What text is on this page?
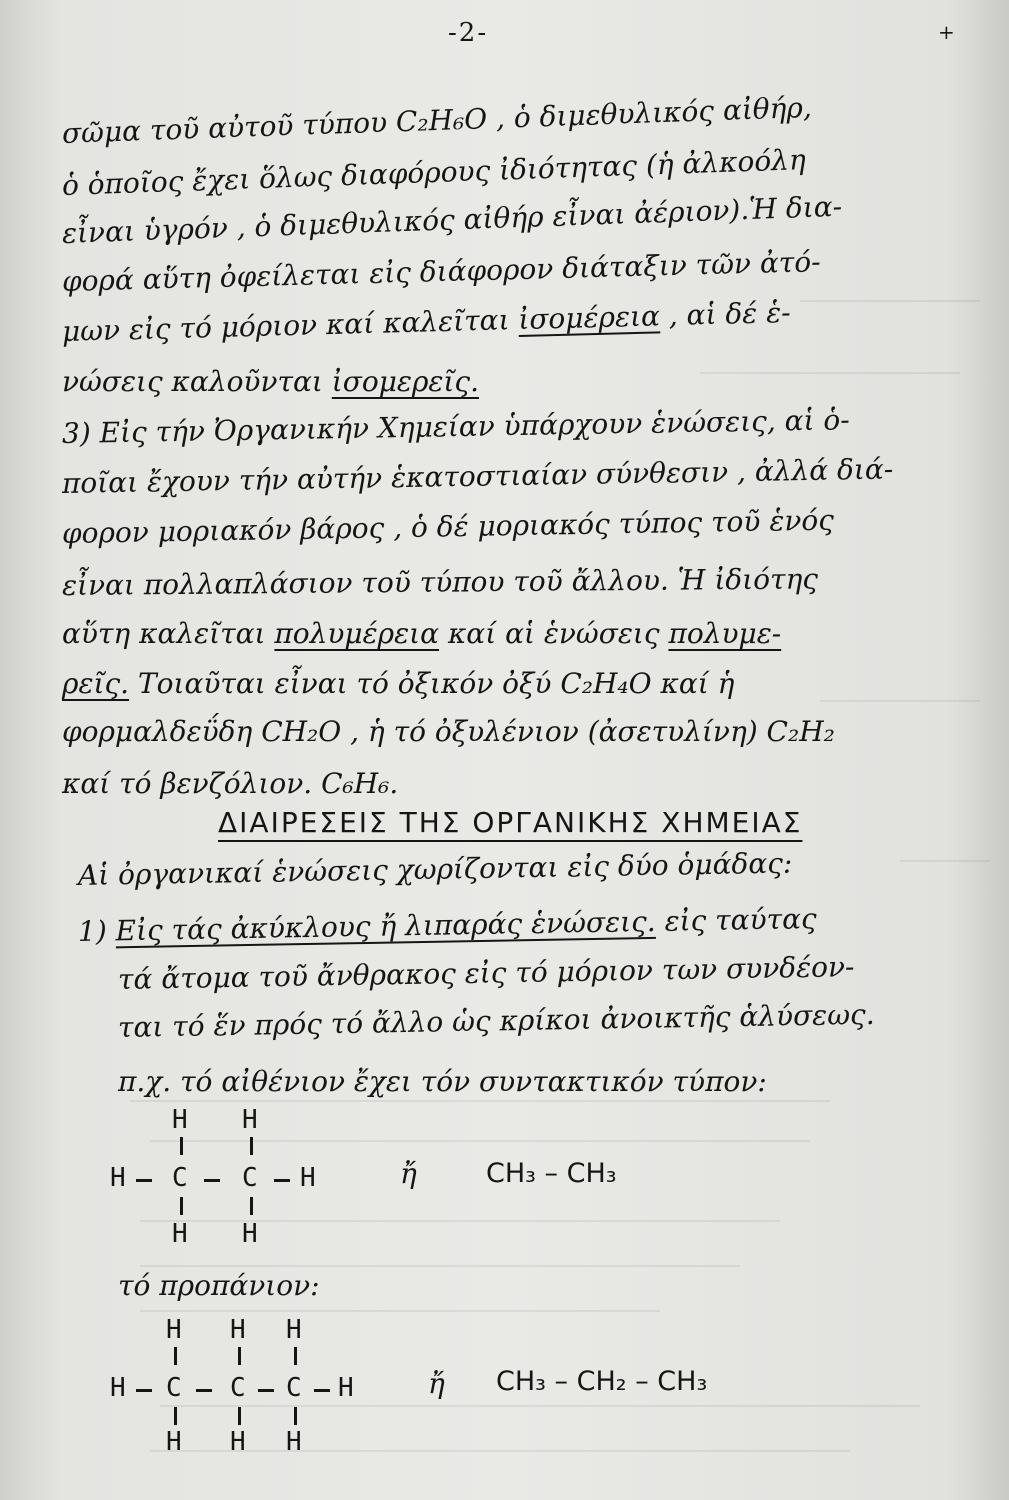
-2-	+
σῶμα τοῦ αὐτοῦ τύπου C₂H₆O , ὁ διμεθυλικός αἰθήρ,
ὁ ὁποῖος ἔχει ὅλως διαφόρους ἰδιότητας (ἡ ἀλκοόλη
εἶναι ὑγρόν , ὁ διμεθυλικός αἰθήρ εἶναι ἀέριον).Ἡ δια-
φορά αὕτη ὀφείλεται εἰς διάφορον διάταξιν τῶν ἀτό-
μων εἰς τό μόριον καί καλεῖται ἰσομέρεια , αἱ δέ ἑ-
νώσεις καλοῦνται ἰσομερεῖς.
3) Εἰς τήν Ὀργανικήν Χημείαν ὑπάρχουν ἑνώσεις, αἱ ὁ-
ποῖαι ἔχουν τήν αὐτήν ἑκατοστιαίαν σύνθεσιν , ἀλλά διά-
φορον μοριακόν βάρος , ὁ δέ μοριακός τύπος τοῦ ἑνός
εἶναι πολλαπλάσιον τοῦ τύπου τοῦ ἄλλου. Ἡ ἰδιότης
αὕτη καλεῖται πολυμέρεια καί αἱ ἑνώσεις πολυμε-
ρεῖς. Τοιαῦται εἶναι τό ὀξικόν ὀξύ C₂H₄O καί ἡ
φορμαλδεΰδη CH₂O , ἡ τό ὀξυλένιον (ἀσετυλίνη) C₂H₂
καί τό βενζόλιον. C₆H₆.
ΔΙΑΙΡΕΣΕΙΣ ΤΗΣ ΟΡΓΑΝΙΚΗΣ ΧΗΜΕΙΑΣ
Αἱ ὀργανικαί ἑνώσεις χωρίζονται εἰς δύο ὁμάδας:
1) Εἰς τάς ἀκύκλους ἤ λιπαράς ἑνώσεις. εἰς ταύτας
τά ἄτομα τοῦ ἄνθρακος εἰς τό μόριον των συνδέον-
ται τό ἕν πρός τό ἄλλο ὡς κρίκοι ἀνοικτῆς ἁλύσεως.
π.χ. τό αἰθένιον ἔχει τόν συντακτικόν τύπον:
H H
H C C H
H H
ἤ	CH₃ – CH₃
τό προπάνιον:
H H H
H C C C H
H H H
ἤ CH₃ – CH₂ – CH₃
